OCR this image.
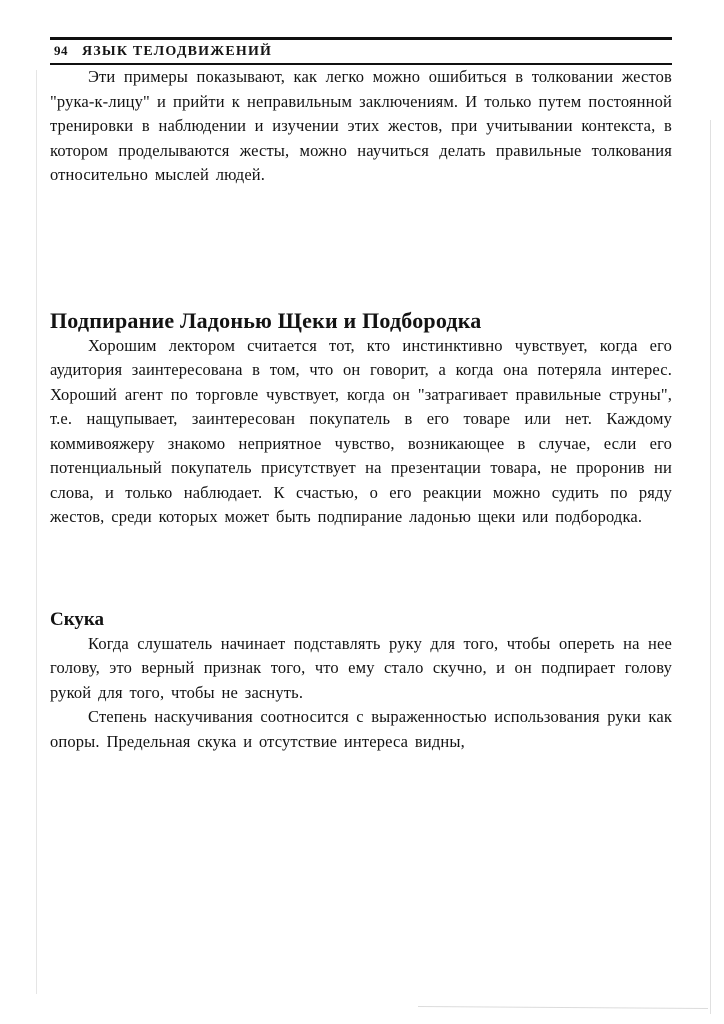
94 ЯЗЫК ТЕЛОДВИЖЕНИЙ

Эти примеры показывают, как легко можно ошибиться в толковании жестов "рука-к-лицу" и прийти к неправильным заключениям. И только путем постоянной тренировки в наблюдении и изучении этих жестов, при учитывании контекста, в котором проделываются жесты, можно научиться делать правильные толкования относительно мыслей людей.

Подпирание Ладонью Щеки и Подбородка

Хорошим лектором считается тот, кто инстинктивно чувствует, когда его аудитория заинтересована в том, что он говорит, а когда она потеряла интерес. Хороший агент по торговле чувствует, когда он "затрагивает правильные струны", т.е. нащупывает, заинтересован покупатель в его товаре или нет. Каждому коммивояжеру знакомо неприятное чувство, возникающее в случае, если его потенциальный покупатель присутствует на презентации товара, не проронив ни слова, и только наблюдает. К счастью, о его реакции можно судить по ряду жестов, среди которых может быть подпирание ладонью щеки или подбородка.

Скука

Когда слушатель начинает подставлять руку для того, чтобы опереть на нее голову, это верный признак того, что ему стало скучно, и он подпирает голову рукой для того, чтобы не заснуть.

Степень наскучивания соотносится с выраженностью использования руки как опоры. Предельная скука и отсутствие интереса видны,
